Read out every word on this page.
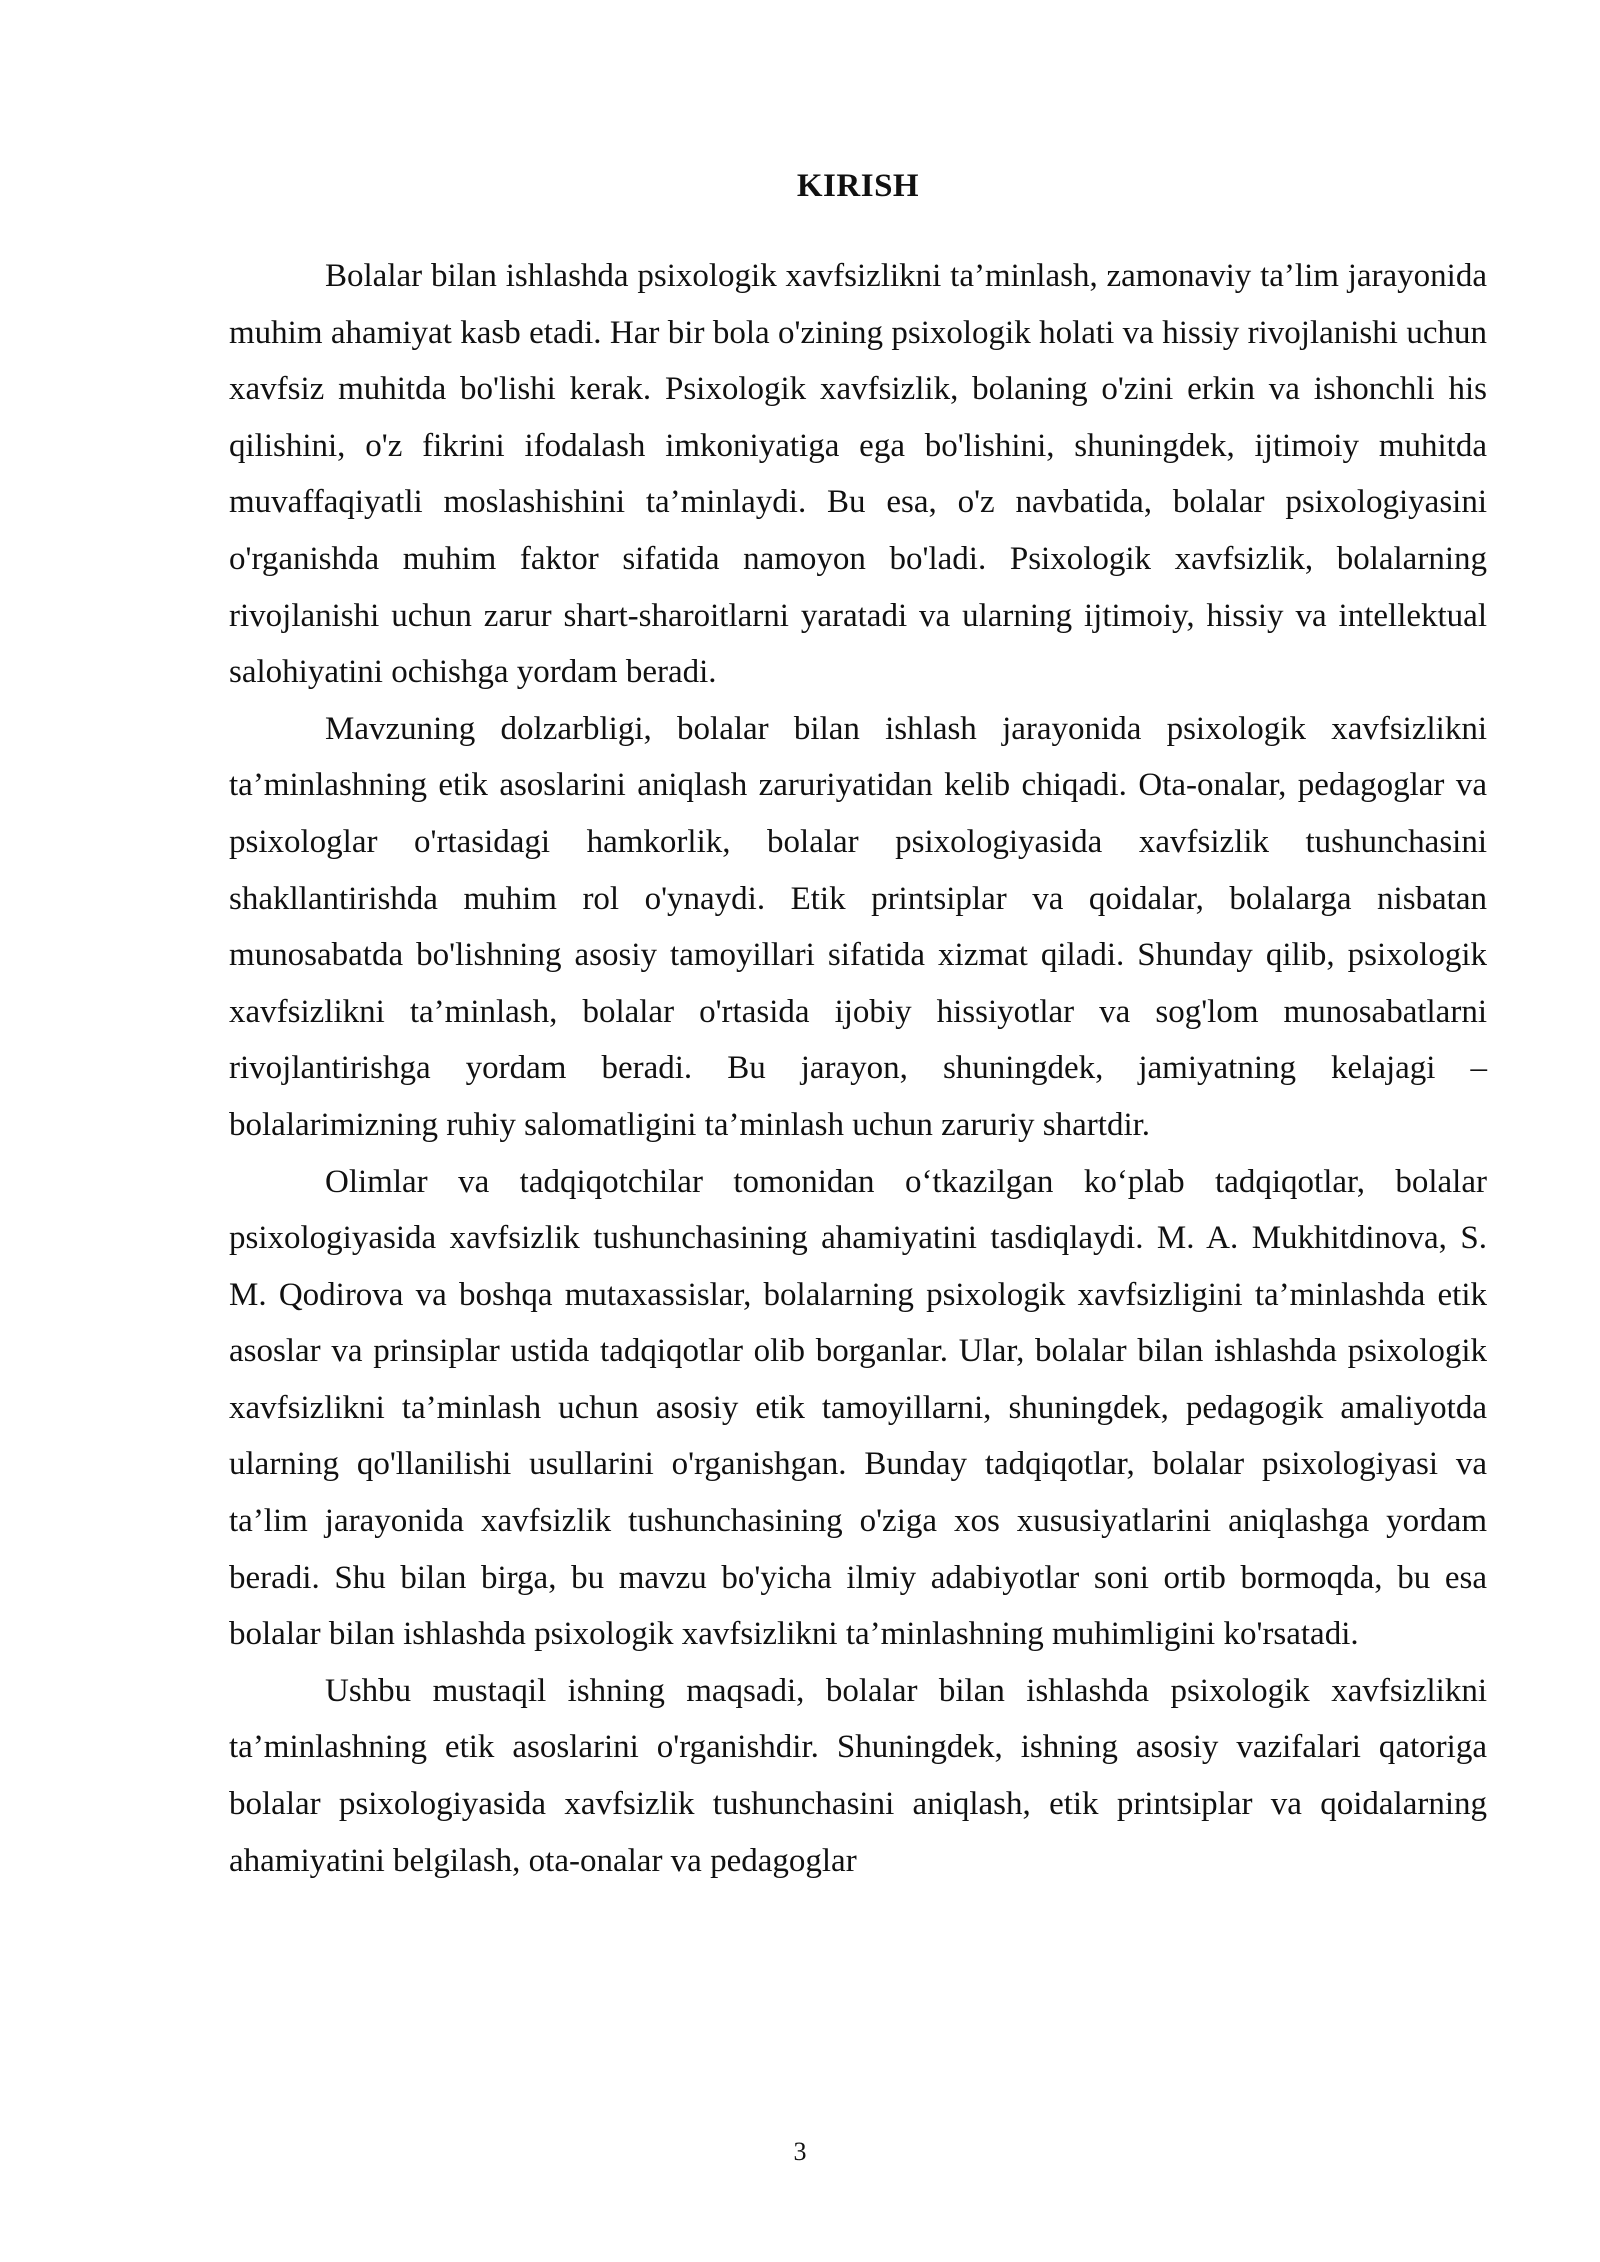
KIRISH

Bolalar bilan ishlashda psixologik xavfsizlikni ta’minlash, zamonaviy ta’lim jarayonida muhim ahamiyat kasb etadi. Har bir bola o'zining psixologik holati va hissiy rivojlanishi uchun xavfsiz muhitda bo'lishi kerak. Psixologik xavfsizlik, bolaning o'zini erkin va ishonchli his qilishini, o'z fikrini ifodalash imkoniyatiga ega bo'lishini, shuningdek, ijtimoiy muhitda muvaffaqiyatli moslashishini ta’minlaydi. Bu esa, o'z navbatida, bolalar psixologiyasini o'rganishda muhim faktor sifatida namoyon bo'ladi. Psixologik xavfsizlik, bolalarning rivojlanishi uchun zarur shart-sharoitlarni yaratadi va ularning ijtimoiy, hissiy va intellektual salohiyatini ochishga yordam beradi.

Mavzuning dolzarbligi, bolalar bilan ishlash jarayonida psixologik xavfsizlikni ta’minlashning etik asoslarini aniqlash zaruriyatidan kelib chiqadi. Ota-onalar, pedagoglar va psixologlar o'rtasidagi hamkorlik, bolalar psixologiyasida xavfsizlik tushunchasini shakllantirishda muhim rol o'ynaydi. Etik printsiplar va qoidalar, bolalarga nisbatan munosabatda bo'lishning asosiy tamoyillari sifatida xizmat qiladi. Shunday qilib, psixologik xavfsizlikni ta’minlash, bolalar o'rtasida ijobiy hissiyotlar va sog'lom munosabatlarni rivojlantirishga yordam beradi. Bu jarayon, shuningdek, jamiyatning kelajagi – bolalarimizning ruhiy salomatligini ta’minlash uchun zaruriy shartdir.

Olimlar va tadqiqotchilar tomonidan o‘tkazilgan ko‘plab tadqiqotlar, bolalar psixologiyasida xavfsizlik tushunchasining ahamiyatini tasdiqlaydi. M. A. Mukhitdinova, S. M. Qodirova va boshqa mutaxassislar, bolalarning psixologik xavfsizligini ta’minlashda etik asoslar va prinsiplar ustida tadqiqotlar olib borganlar. Ular, bolalar bilan ishlashda psixologik xavfsizlikni ta’minlash uchun asosiy etik tamoyillarni, shuningdek, pedagogik amaliyotda ularning qo'llanilishi usullarini o'rganishgan. Bunday tadqiqotlar, bolalar psixologiyasi va ta’lim jarayonida xavfsizlik tushunchasining o'ziga xos xususiyatlarini aniqlashga yordam beradi. Shu bilan birga, bu mavzu bo'yicha ilmiy adabiyotlar soni ortib bormoqda, bu esa bolalar bilan ishlashda psixologik xavfsizlikni ta’minlashning muhimligini ko'rsatadi.

Ushbu mustaqil ishning maqsadi, bolalar bilan ishlashda psixologik xavfsizlikni ta’minlashning etik asoslarini o'rganishdir. Shuningdek, ishning asosiy vazifalari qatoriga bolalar psixologiyasida xavfsizlik tushunchasini aniqlash, etik printsiplar va qoidalarning ahamiyatini belgilash, ota-onalar va pedagoglar

3
